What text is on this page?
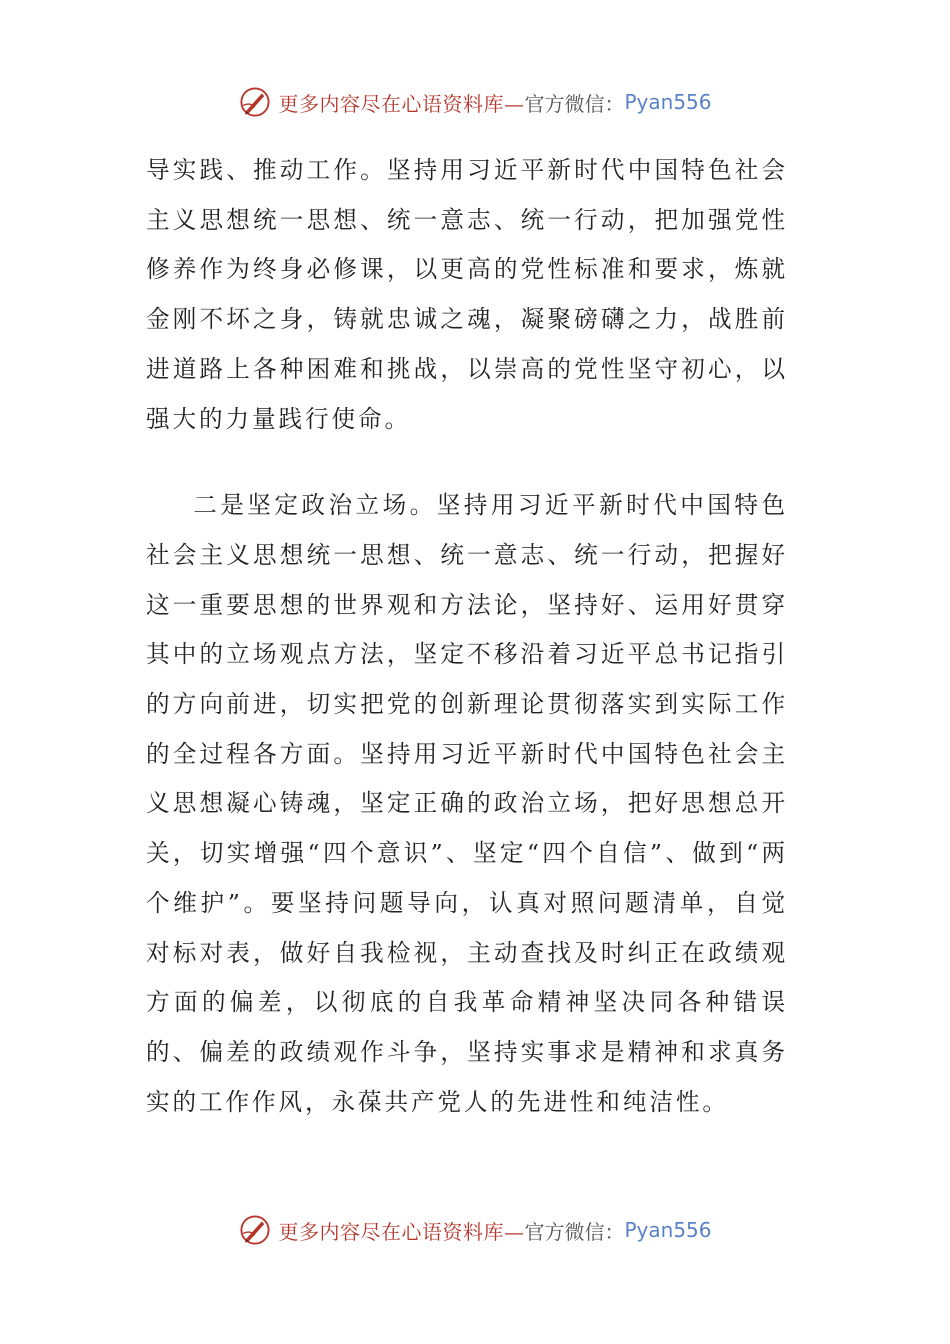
更多内容尽在心语资料库— 官方微信： Pyan556

导实践、推动工作。坚持用习近平新时代中国特色社会主义思想统一思想、统一意志、统一行动，把加强党性修养作为终身必修课，以更高的党性标准和要求，炼就金刚不坏之身，铸就忠诚之魂，凝聚磅礴之力，战胜前进道路上各种困难和挑战，以崇高的党性坚守初心，以强大的力量践行使命。

二是坚定政治立场。坚持用习近平新时代中国特色社会主义思想统一思想、统一意志、统一行动，把握好这一重要思想的世界观和方法论，坚持好、运用好贯穿其中的立场观点方法，坚定不移沿着习近平总书记指引的方向前进，切实把党的创新理论贯彻落实到实际工作的全过程各方面。坚持用习近平新时代中国特色社会主义思想凝心铸魂，坚定正确的政治立场，把好思想总开关，切实增强“四个意识”、坚定“四个自信”、做到“两个维护”。要坚持问题导向，认真对照问题清单，自觉对标对表，做好自我检视，主动查找及时纠正在政绩观方面的偏差，以彻底的自我革命精神坚决同各种错误的、偏差的政绩观作斗争，坚持实事求是精神和求真务实的工作作风，永葆共产党人的先进性和纯洁性。

更多内容尽在心语资料库— 官方微信： Pyan556
